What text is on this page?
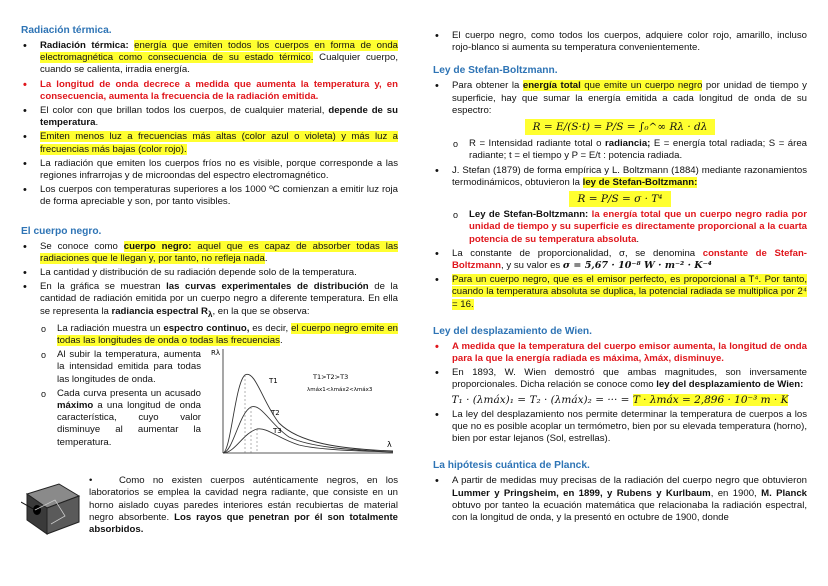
Radiación térmica.
• Radiación térmica: energía que emiten todos los cuerpos en forma de onda electromagnética como consecuencia de su estado térmico. Cualquier cuerpo, cuando se calienta, irradia energía.
• La longitud de onda decrece a medida que aumenta la temperatura y, en consecuencia, aumenta la frecuencia de la radiación emitida.
• El color con que brillan todos los cuerpos, de cualquier material, depende de su temperatura.
• Emiten menos luz a frecuencias más altas (color azul o violeta) y más luz a frecuencias más bajas (color rojo).
• La radiación que emiten los cuerpos fríos no es visible, porque corresponde a las regiones infrarrojas y de microondas del espectro electromagnético.
• Los cuerpos con temperaturas superiores a los 1000 ºC comienzan a emitir luz roja de forma apreciable y son, por tanto visibles.
El cuerpo negro.
• Se conoce como cuerpo negro: aquel que es capaz de absorber todas las radiaciones que le llegan y, por tanto, no refleja nada.
• La cantidad y distribución de su radiación depende solo de la temperatura.
• En la gráfica se muestran las curvas experimentales de distribución de la cantidad de radiación emitida por un cuerpo negro a diferente temperatura. En ella se representa la radiancia espectral $R_\lambda$, en la que se observa:
o La radiación muestra un espectro continuo, es decir, el cuerpo negro emite en todas las longitudes de onda o todas las frecuencias.
o Al subir la temperatura, aumenta la intensidad emitida para todas las longitudes de onda.
o Cada curva presenta un acusado máximo a una longitud de onda característica, cuyo valor disminuye al aumentar la temperatura.
Rλ
λ
T1
T2
T3
T1>T2>T3
λmáx1<λmáx2<λmáx3
•	Como no existen cuerpos auténticamente negros, en los laboratorios se emplea la cavidad negra radiante, que consiste en un horno aislado cuyas paredes interiores están recubiertas de material negro absorbente. Los rayos que penetran por él son totalmente absorbidos.
• El cuerpo negro, como todos los cuerpos, adquiere color rojo, amarillo, incluso rojo-blanco si aumenta su temperatura convenientemente.
Ley de Stefan-Boltzmann.
• Para obtener la energía total que emite un cuerpo negro por unidad de tiempo y superficie, hay que sumar la energía emitida a cada longitud de onda de su espectro:
R = E/(S·t) = P/S = ∫₀^∞ Rλ · dλ
o R = Intensidad radiante total o radiancia; E = energía total radiada; S = área radiante; t = el tiempo y P = E/t : potencia radiada.
• J. Stefan (1879) de forma empírica y L. Boltzmann (1884) mediante razonamientos termodinámicos, obtuvieron la ley de Stefan-Boltzmann:
R = P/S = σ · T⁴
o Ley de Stefan-Boltzmann: la energía total que un cuerpo negro radia por unidad de tiempo y su superficie es directamente proporcional a la cuarta potencia de su temperatura absoluta.
• La constante de proporcionalidad, σ, se denomina constante de Stefan-Boltzmann, y su valor es σ = 5,67 · 10⁻⁸ W · m⁻² · K⁻⁴
• Para un cuerpo negro, que es el emisor perfecto, es proporcional a T⁴. Por tanto, cuando la temperatura absoluta se duplica, la potencial radiada se multiplica por 2⁴ = 16.
Ley del desplazamiento de Wien.
• A medida que la temperatura del cuerpo emisor aumenta, la longitud de onda para la que la energía radiada es máxima, λmáx, disminuye.
• En 1893, W. Wien demostró que ambas magnitudes, son inversamente proporcionales. Dicha relación se conoce como ley del desplazamiento de Wien:
T₁ · (λmáx)₁ = T₂ · (λmáx)₂ = ··· = T · λmáx = 2,896 · 10⁻³ m · K
• La ley del desplazamiento nos permite determinar la temperatura de cuerpos a los que no es posible acoplar un termómetro, bien por su elevada temperatura (horno), bien por estar lejanos (Sol, estrellas).
La hipótesis cuántica de Planck.
• A partir de medidas muy precisas de la radiación del cuerpo negro que obtuvieron Lummer y Pringsheim, en 1899, y Rubens y Kurlbaum, en 1900, M. Planck obtuvo por tanteo la ecuación matemática que relacionaba la radiación espectral, con la longitud de onda, y la presentó en octubre de 1900, donde
